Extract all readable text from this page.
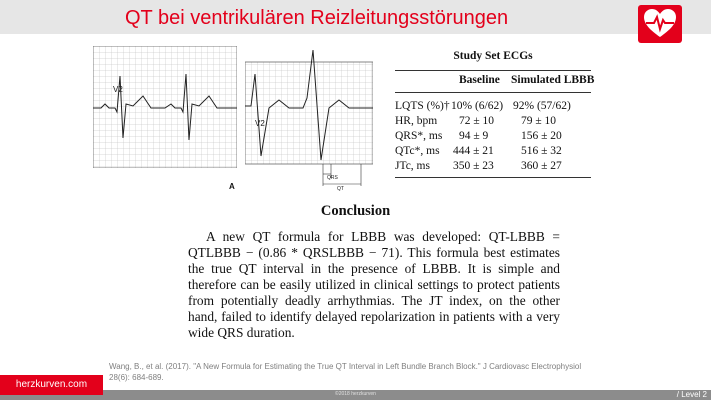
QT bei ventrikulären Reizleitungsstörungen
V2
V2
A
QRS
QT
Study Set ECGs
Baseline Simulated LBBB
LQTS (%)† 10% (6/62) 92% (57/62)
HR, bpm 72 ± 10 79 ± 10
QRS*, ms 94 ± 9	156 ± 20
QTc*, ms 444 ± 21 516 ± 32
JTc, ms 350 ± 23 360 ± 27
Conclusion
A new QT formula for LBBB was developed: QT-LBBB = QTLBBB − (0.86 * QRSLBBB − 71). This formula best estimates the true QT interval in the presence of LBBB. It is simple and therefore can be easily utilized in clinical settings to protect patients from potentially deadly arrhythmias. The JT index, on the other hand, failed to identify delayed repolarization in patients with a very wide QRS duration.
Wang, B., et al. (2017). "A New Formula for Estimating the True QT Interval in Left Bundle Branch Block." J Cardiovasc Electrophysiol 28(6): 684-689.
herzkurven.com
©2018 herzkurven	/ Level 2
